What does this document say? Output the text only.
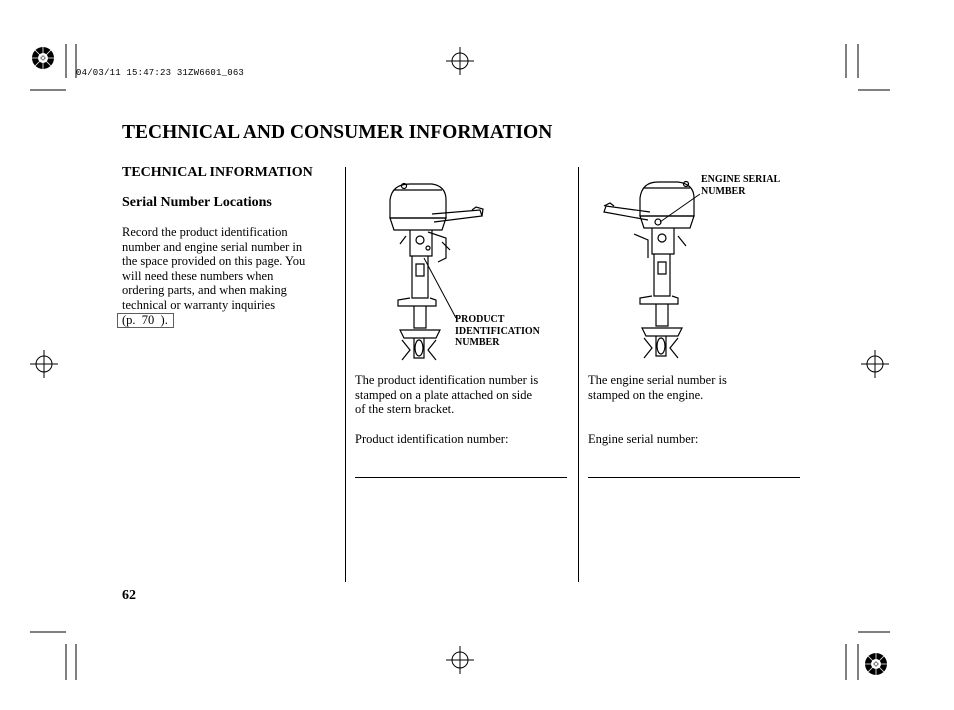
04/03/11 15:47:23 31ZW6601_063
TECHNICAL AND CONSUMER INFORMATION
TECHNICAL INFORMATION
Serial Number Locations
Record the product identification
number and engine serial number in
the space provided on this page. You
will need these numbers when
ordering parts, and when making
technical or warranty inquiries
(p. 70 ).	PRODUCT
IDENTIFICATION
NUMBER
ENGINE SERIAL
NUMBER
The product identification number is
stamped on a plate attached on side
of the stern bracket.

Product identification number:

The engine serial number is
stamped on the engine.

Engine serial number:

62
